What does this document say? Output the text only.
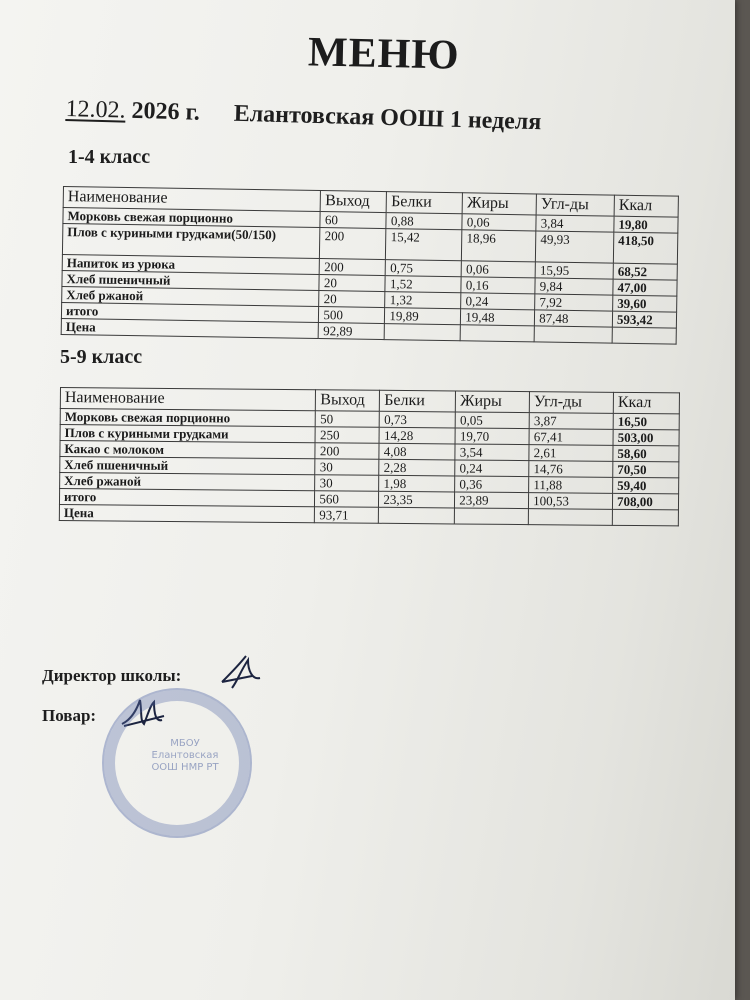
МЕНЮ
12.02. 2026 г. Елантовская ООШ 1 неделя
1-4 класс
Наименование	Выход	Белки	Жиры	Угл-ды	Ккал
Морковь свежая порционно	60	0,88	0,06	3,84	19,80
Плов с куриными грудками(50/150)	200	15,42	18,96	49,93	418,50
Напиток из урюка	200	0,75	0,06	15,95	68,52
Хлеб пшеничный	20	1,52	0,16	9,84	47,00
Хлеб ржаной	20	1,32	0,24	7,92	39,60
итого	500	19,89	19,48	87,48	593,42
Цена	92,89				
5-9 класс
Наименование	Выход	Белки	Жиры	Угл-ды	Ккал
Морковь свежая порционно	50	0,73	0,05	3,87	16,50
Плов с куриными грудками	250	14,28	19,70	67,41	503,00
Какао с молоком	200	4,08	3,54	2,61	58,60
Хлеб пшеничный	30	2,28	0,24	14,76	70,50
Хлеб ржаной	30	1,98	0,36	11,88	59,40
итого	560	23,35	23,89	100,53	708,00
Цена	93,71				
Директор школы:
Повар:
МБОУ Елантовская ООШ НМР РТ
